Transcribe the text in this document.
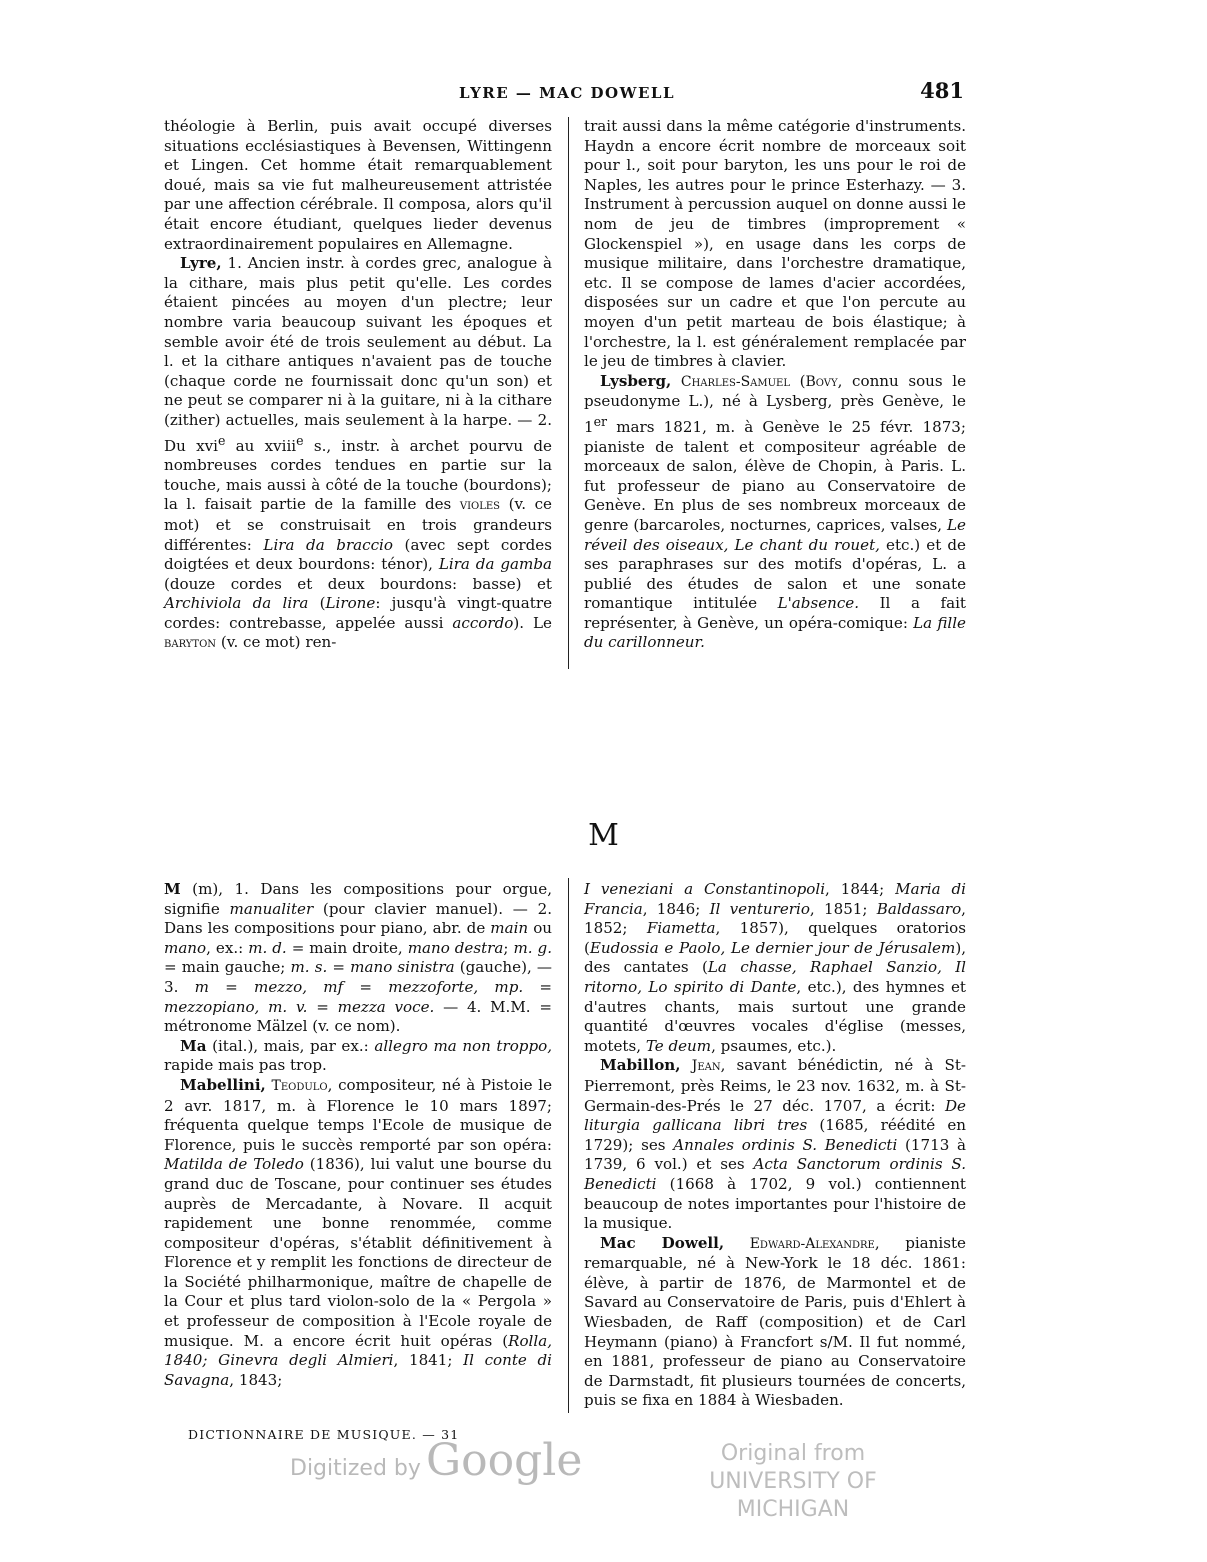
LYRE — MAC DOWELL	481

théologie à Berlin, puis avait occupé diverses situations ecclésiastiques à Bevensen, Wittingenn et Lingen. Cet homme était remarquablement doué, mais sa vie fut malheureusement attristée par une affection cérébrale. Il composa, alors qu'il était encore étudiant, quelques lieder devenus extraordinairement populaires en Allemagne.

Lyre, 1. Ancien instr. à cordes grec, analogue à la cithare, mais plus petit qu'elle. Les cordes étaient pincées au moyen d'un plectre; leur nombre varia beaucoup suivant les époques et semble avoir été de trois seulement au début. La l. et la cithare antiques n'avaient pas de touche (chaque corde ne fournissait donc qu'un son) et ne peut se comparer ni à la guitare, ni à la cithare (zither) actuelles, mais seulement à la harpe. — 2. Du xvi$^e$ au xviii$^e$ s., instr. à archet pourvu de nombreuses cordes tendues en partie sur la touche, mais aussi à côté de la touche (bourdons); la l. faisait partie de la famille des violes (v. ce mot) et se construisait en trois grandeurs différentes: Lira da braccio (avec sept cordes doigtées et deux bourdons: ténor), Lira da gamba (douze cordes et deux bourdons: basse) et Archiviola da lira (Lirone: jusqu'à vingt-quatre cordes: contrebasse, appelée aussi accordo). Le baryton (v. ce mot) ren-

trait aussi dans la même catégorie d'instruments. Haydn a encore écrit nombre de morceaux soit pour l., soit pour baryton, les uns pour le roi de Naples, les autres pour le prince Esterhazy. — 3. Instrument à percussion auquel on donne aussi le nom de jeu de timbres (improprement « Glockenspiel »), en usage dans les corps de musique militaire, dans l'orchestre dramatique, etc. Il se compose de lames d'acier accordées, disposées sur un cadre et que l'on percute au moyen d'un petit marteau de bois élastique; à l'orchestre, la l. est généralement remplacée par le jeu de timbres à clavier.

Lysberg, Charles-Samuel (Bovy, connu sous le pseudonyme L.), né à Lysberg, près Genève, le 1er mars 1821, m. à Genève le 25 févr. 1873; pianiste de talent et compositeur agréable de morceaux de salon, élève de Chopin, à Paris. L. fut professeur de piano au Conservatoire de Genève. En plus de ses nombreux morceaux de genre (barcaroles, nocturnes, caprices, valses, Le réveil des oiseaux, Le chant du rouet, etc.) et de ses paraphrases sur des motifs d'opéras, L. a publié des études de salon et une sonate romantique intitulée L'absence. Il a fait représenter, à Genève, un opéra-comique: La fille du carillonneur.

M

M (m), 1. Dans les compositions pour orgue, signifie manualiter (pour clavier manuel). — 2. Dans les compositions pour piano, abr. de main ou mano, ex.: m. d. = main droite, mano destra; m. g. = main gauche; m. s. = mano sinistra (gauche), — 3. m = mezzo, mf = mezzoforte, mp. = mezzopiano, m. v. = mezza voce. — 4. M.M. = métronome Mälzel (v. ce nom).

Ma (ital.), mais, par ex.: allegro ma non troppo, rapide mais pas trop.

Mabellini, Teodulo, compositeur, né à Pistoie le 2 avr. 1817, m. à Florence le 10 mars 1897; fréquenta quelque temps l'Ecole de musique de Florence, puis le succès remporté par son opéra: Matilda de Toledo (1836), lui valut une bourse du grand duc de Toscane, pour continuer ses études auprès de Mercadante, à Novare. Il acquit rapidement une bonne renommée, comme compositeur d'opéras, s'établit définitivement à Florence et y remplit les fonctions de directeur de la Société philharmonique, maître de chapelle de la Cour et plus tard violon-solo de la « Pergola » et professeur de composition à l'Ecole royale de musique. M. a encore écrit huit opéras (Rolla, 1840; Ginevra degli Almieri, 1841; Il conte di Savagna, 1843;

I veneziani a Constantinopoli, 1844; Maria di Francia, 1846; Il venturerio, 1851; Baldassaro, 1852; Fiametta, 1857), quelques oratorios (Eudossia e Paolo, Le dernier jour de Jérusalem), des cantates (La chasse, Raphael Sanzio, Il ritorno, Lo spirito di Dante, etc.), des hymnes et d'autres chants, mais surtout une grande quantité d'œuvres vocales d'église (messes, motets, Te deum, psaumes, etc.).

Mabillon, Jean, savant bénédictin, né à St-Pierremont, près Reims, le 23 nov. 1632, m. à St-Germain-des-Prés le 27 déc. 1707, a écrit: De liturgia gallicana libri tres (1685, réédité en 1729); ses Annales ordinis S. Benedicti (1713 à 1739, 6 vol.) et ses Acta Sanctorum ordinis S. Benedicti (1668 à 1702, 9 vol.) contiennent beaucoup de notes importantes pour l'histoire de la musique.

Mac Dowell, Edward-Alexandre, pianiste remarquable, né à New-York le 18 déc. 1861: élève, à partir de 1876, de Marmontel et de Savard au Conservatoire de Paris, puis d'Ehlert à Wiesbaden, de Raff (composition) et de Carl Heymann (piano) à Francfort s/M. Il fut nommé, en 1881, professeur de piano au Conservatoire de Darmstadt, fit plusieurs tournées de concerts, puis se fixa en 1884 à Wiesbaden.

DICTIONNAIRE DE MUSIQUE. — 31
Digitized by Google	Original from
UNIVERSITY OF MICHIGAN
